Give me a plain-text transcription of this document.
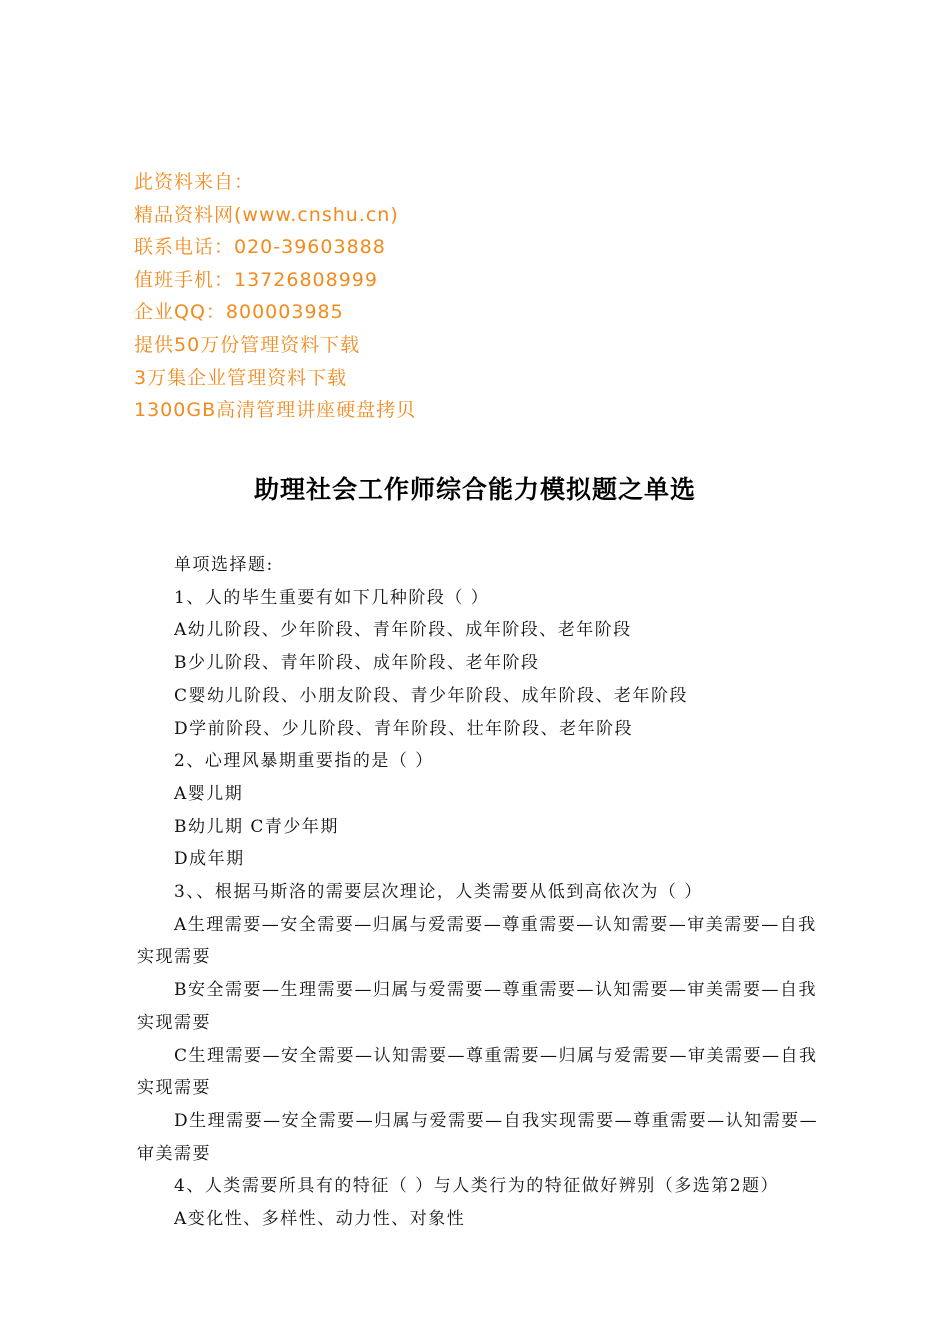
此资料来自：
精品资料网(www.cnshu.cn)
联系电话：020-39603888
值班手机：13726808999
企业QQ：800003985
提供50万份管理资料下载
3万集企业管理资料下载
1300GB高清管理讲座硬盘拷贝
助理社会工作师综合能力模拟题之单选

单项选择题:

1、人的毕生重要有如下几种阶段（ ）

A幼儿阶段、少年阶段、青年阶段、成年阶段、老年阶段

B少儿阶段、青年阶段、成年阶段、老年阶段

C婴幼儿阶段、小朋友阶段、青少年阶段、成年阶段、老年阶段

D学前阶段、少儿阶段、青年阶段、壮年阶段、老年阶段

2、心理风暴期重要指的是（ ）

A婴儿期

B幼儿期 C青少年期

D成年期

3、、根据马斯洛的需要层次理论，人类需要从低到高依次为（ ）

A生理需要—安全需要—归属与爱需要—尊重需要—认知需要—审美需要—自我实现需要

B安全需要—生理需要—归属与爱需要—尊重需要—认知需要—审美需要—自我实现需要

C生理需要—安全需要—认知需要—尊重需要—归属与爱需要—审美需要—自我实现需要

D生理需要—安全需要—归属与爱需要—自我实现需要—尊重需要—认知需要—审美需要

4、人类需要所具有的特征（ ）与人类行为的特征做好辨别（多选第2题）

A变化性、多样性、动力性、对象性
